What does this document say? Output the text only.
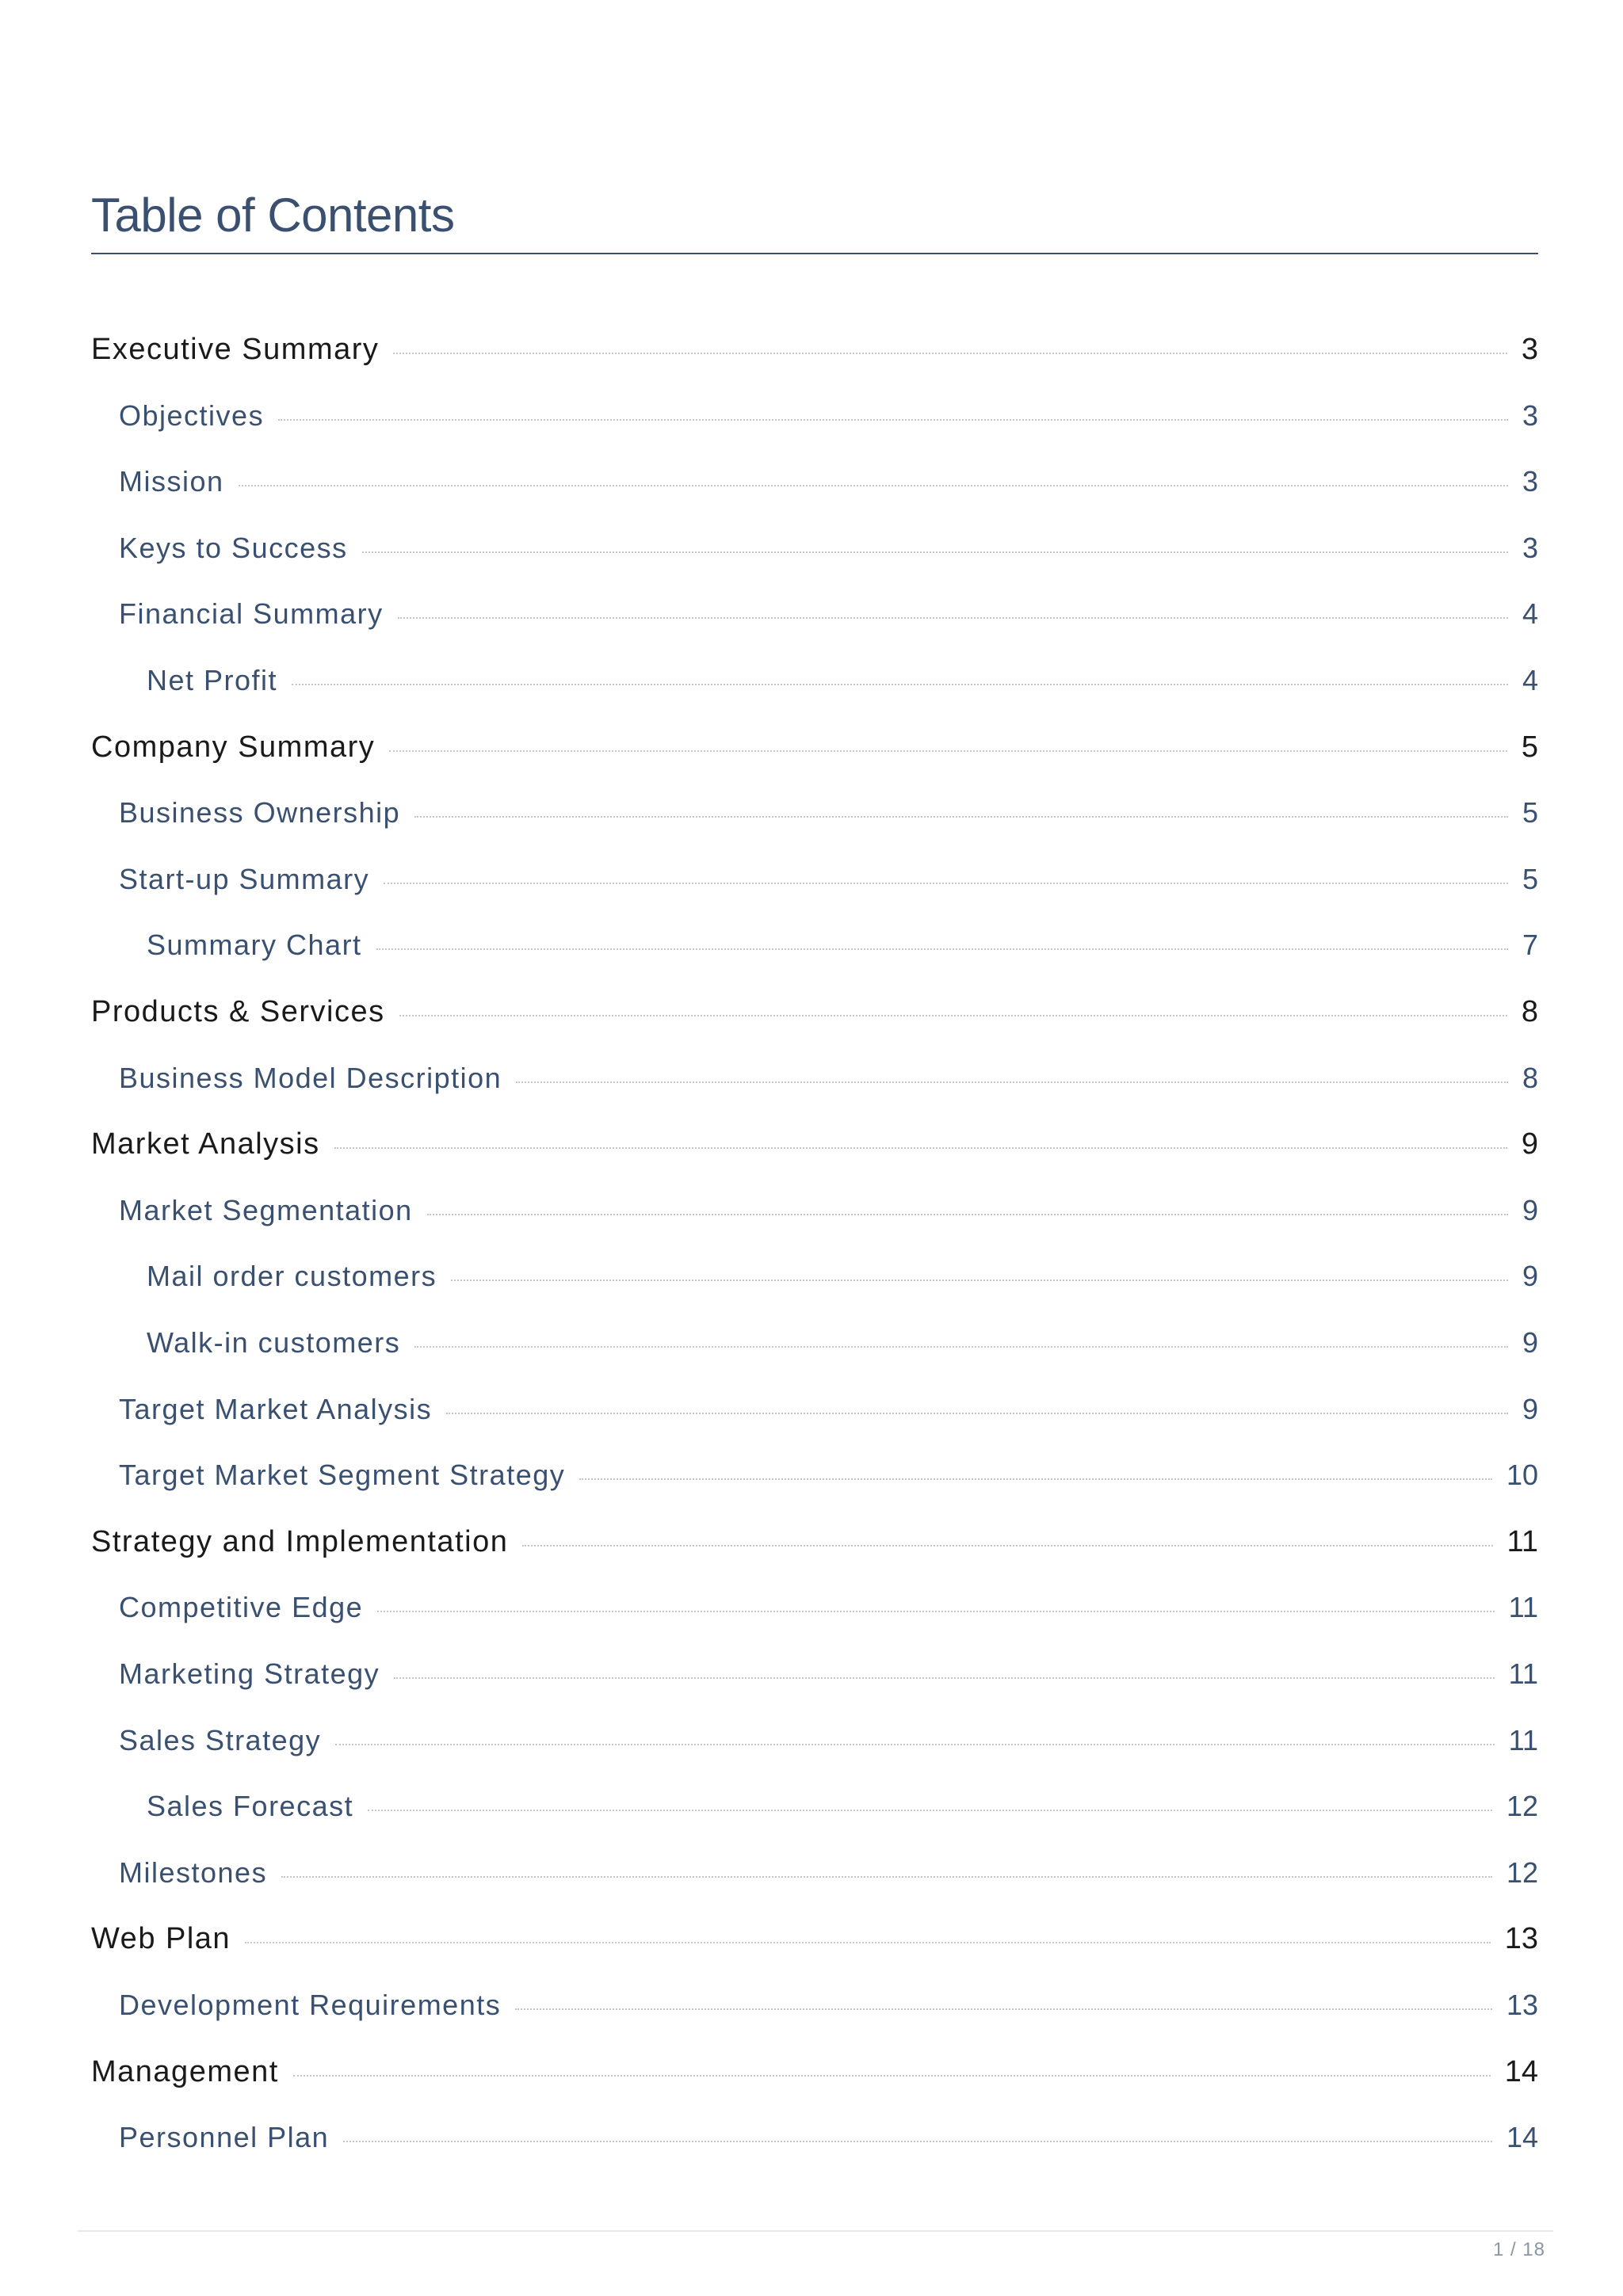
Table of Contents
Executive Summary	3
Objectives	3
Mission	3
Keys to Success	3
Financial Summary	4
Net Profit	4
Company Summary	5
Business Ownership	5
Start-up Summary	5
Summary Chart	7
Products & Services	8
Business Model Description	8
Market Analysis	9
Market Segmentation	9
Mail order customers	9
Walk-in customers	9
Target Market Analysis	9
Target Market Segment Strategy	10
Strategy and Implementation	11
Competitive Edge	11
Marketing Strategy	11
Sales Strategy	11
Sales Forecast	12
Milestones	12
Web Plan	13
Development Requirements	13
Management	14
Personnel Plan	14
1 / 18
